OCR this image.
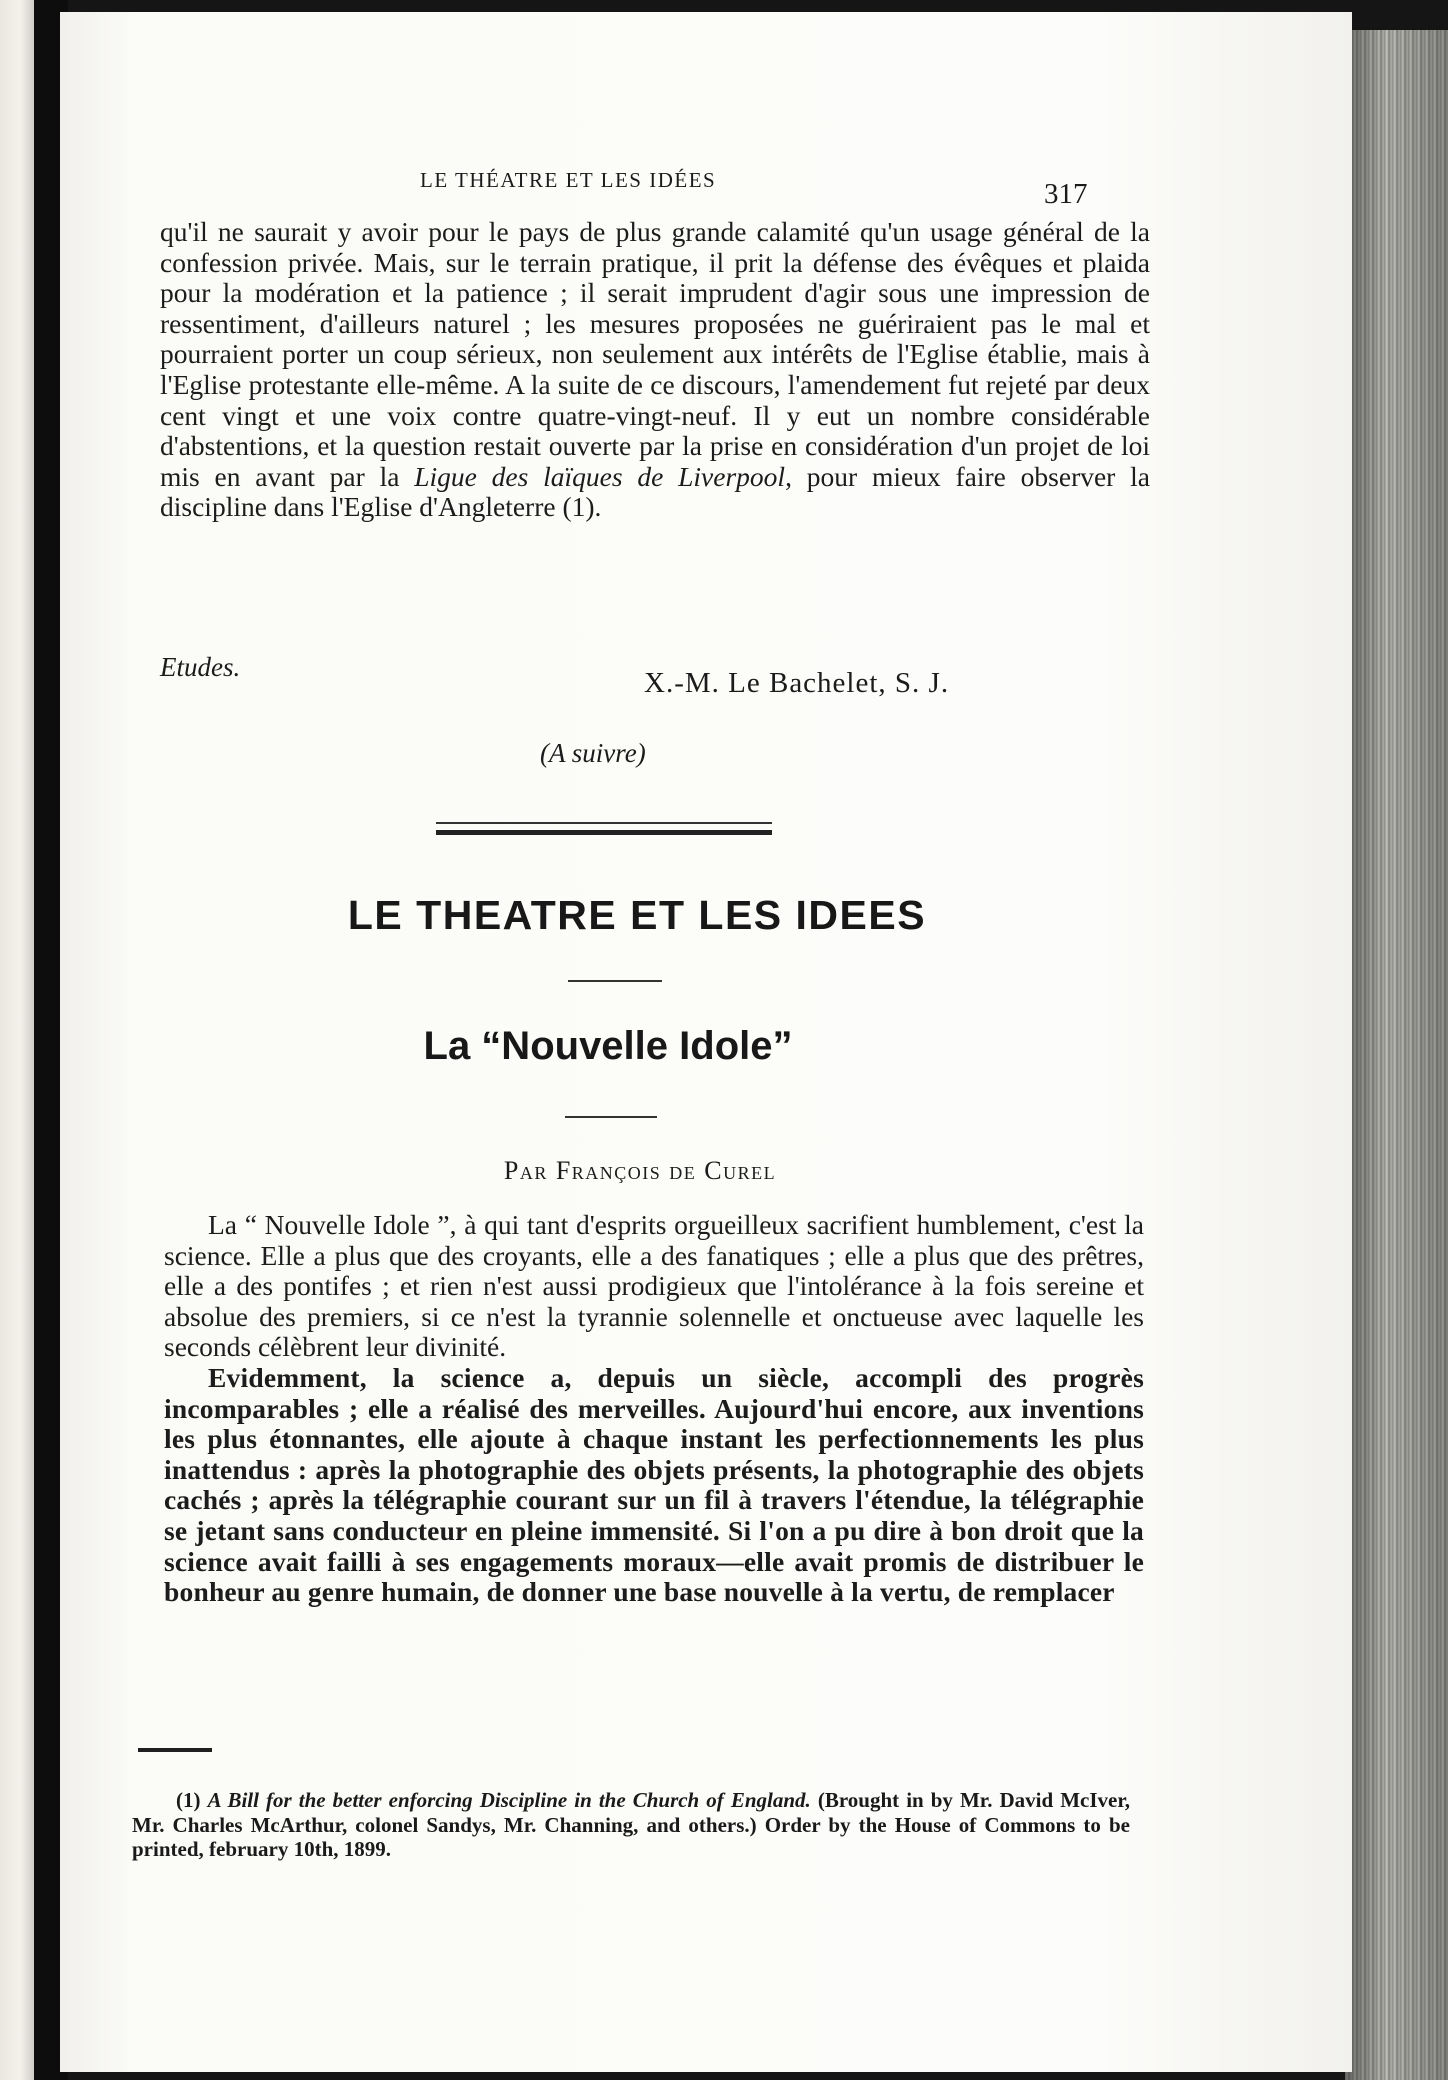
LE THÉATRE ET LES IDÉES	317

qu'il ne saurait y avoir pour le pays de plus grande calamité qu'un usage général de la confession privée. Mais, sur le terrain pratique, il prit la défense des évêques et plaida pour la modération et la patience ; il serait imprudent d'agir sous une impression de ressentiment, d'ailleurs naturel ; les mesures proposées ne guériraient pas le mal et pourraient porter un coup sérieux, non seulement aux intérêts de l'Eglise établie, mais à l'Eglise protestante elle-même. A la suite de ce discours, l'amendement fut rejeté par deux cent vingt et une voix contre quatre-vingt-neuf. Il y eut un nombre considérable d'abstentions, et la question restait ouverte par la prise en considération d'un projet de loi mis en avant par la Ligue des laïques de Liverpool, pour mieux faire observer la discipline dans l'Eglise d'Angleterre (1).

Etudes.	X.-M. Le Bachelet, S. J.
(A suivre)
LE THEATRE ET LES IDEES
La “Nouvelle Idole”
Par François de Curel

La “ Nouvelle Idole ”, à qui tant d'esprits orgueilleux sacrifient humblement, c'est la science. Elle a plus que des croyants, elle a des fanatiques ; elle a plus que des prêtres, elle a des pontifes ; et rien n'est aussi prodigieux que l'intolérance à la fois sereine et absolue des premiers, si ce n'est la tyrannie solennelle et onctueuse avec laquelle les seconds célèbrent leur divinité.

Evidemment, la science a, depuis un siècle, accompli des progrès incomparables ; elle a réalisé des merveilles. Aujourd'hui encore, aux inventions les plus étonnantes, elle ajoute à chaque instant les perfectionnements les plus inattendus : après la photographie des objets présents, la photographie des objets cachés ; après la télégraphie courant sur un fil à travers l'étendue, la télégraphie se jetant sans conducteur en pleine immensité. Si l'on a pu dire à bon droit que la science avait failli à ses engagements moraux—elle avait promis de distribuer le bonheur au genre humain, de donner une base nouvelle à la vertu, de remplacer

(1) A Bill for the better enforcing Discipline in the Church of England. (Brought in by Mr. David McIver, Mr. Charles McArthur, colonel Sandys, Mr. Channing, and others.) Order by the House of Commons to be printed, february 10th, 1899.
